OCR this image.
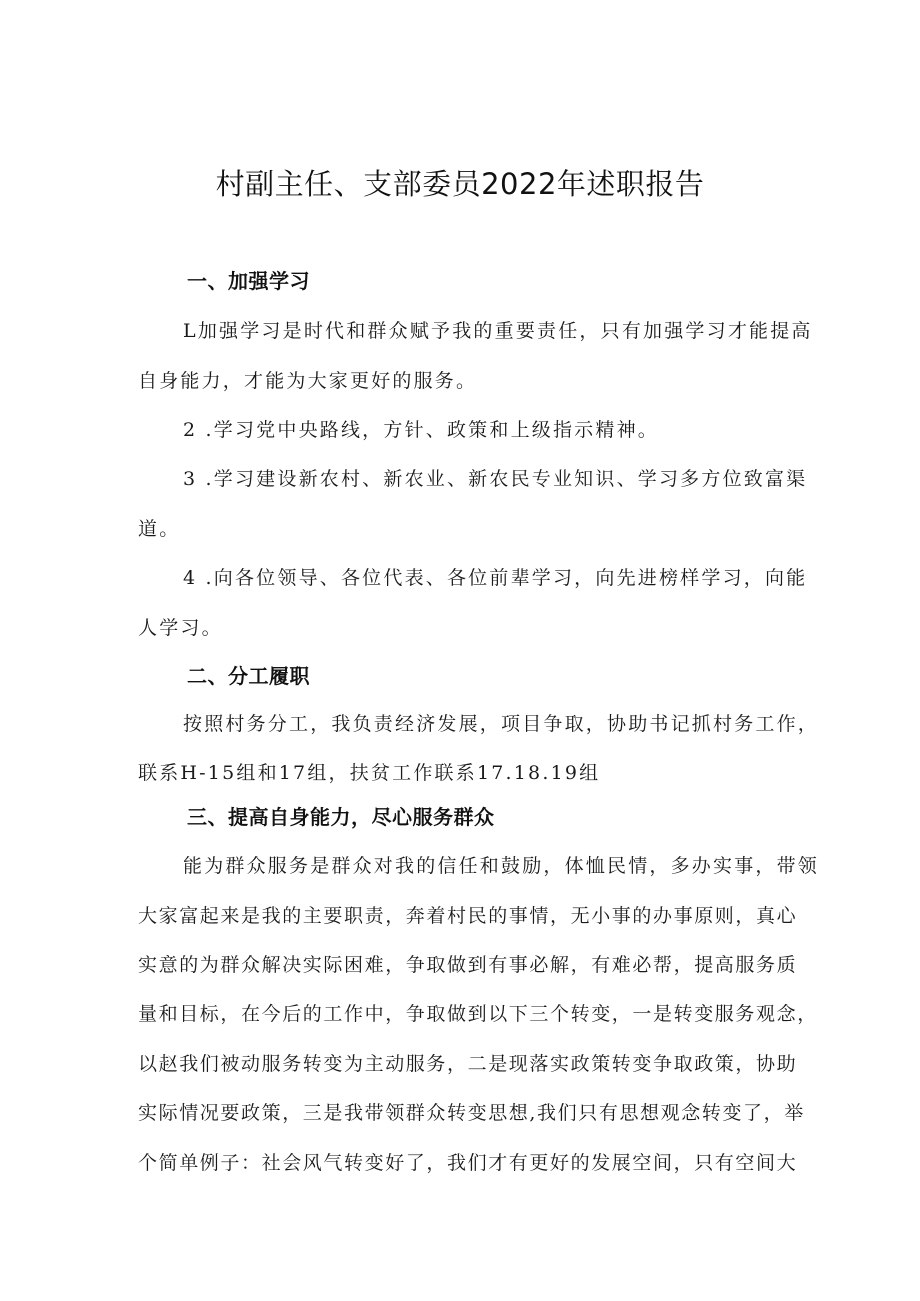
村副主任、支部委员2022年述职报告
一、加强学习
L加强学习是时代和群众赋予我的重要责任，只有加强学习才能提高
自身能力，才能为大家更好的服务。
2 .学习党中央路线，方针、政策和上级指示精神。
3 .学习建设新农村、新农业、新农民专业知识、学习多方位致富渠
道。
4 .向各位领导、各位代表、各位前辈学习，向先进榜样学习，向能
人学习。
二、分工履职
按照村务分工，我负责经济发展，项目争取，协助书记抓村务工作，
联系H-15组和17组，扶贫工作联系17.18.19组
三、提高自身能力，尽心服务群众
能为群众服务是群众对我的信任和鼓励，体恤民情，多办实事，带领
大家富起来是我的主要职责，奔着村民的事情，无小事的办事原则，真心
实意的为群众解决实际困难，争取做到有事必解，有难必帮，提高服务质
量和目标，在今后的工作中，争取做到以下三个转变，一是转变服务观念，
以赵我们被动服务转变为主动服务，二是现落实政策转变争取政策，协助
实际情况要政策，三是我带领群众转变思想,我们只有思想观念转变了，举
个简单例子：社会风气转变好了，我们才有更好的发展空间，只有空间大
